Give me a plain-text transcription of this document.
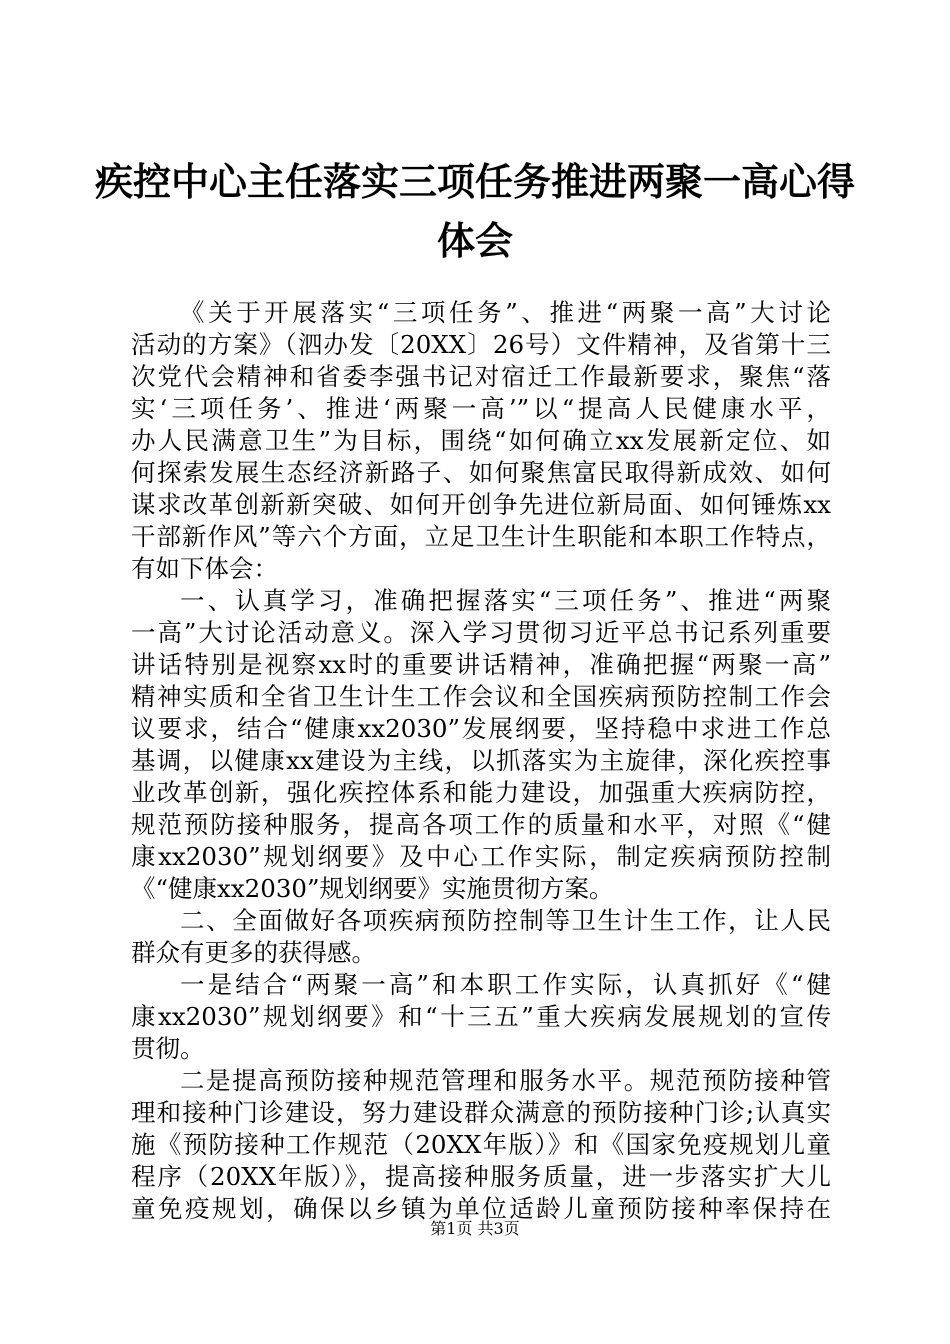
疾控中心主任落实三项任务推进两聚一高心得
体会
《关于开展落实“三项任务”、推进“两聚一高”大讨论
活动的方案》（泗办发〔20XX〕26号）文件精神，及省第十三
次党代会精神和省委李强书记对宿迁工作最新要求，聚焦“落
实‘三项任务’、推进‘两聚一高’”以“提高人民健康水平，
办人民满意卫生”为目标，围绕“如何确立xx发展新定位、如
何探索发展生态经济新路子、如何聚焦富民取得新成效、如何
谋求改革创新新突破、如何开创争先进位新局面、如何锤炼xx
干部新作风”等六个方面，立足卫生计生职能和本职工作特点，
有如下体会：
一、认真学习，准确把握落实“三项任务”、推进“两聚
一高”大讨论活动意义。深入学习贯彻习近平总书记系列重要
讲话特别是视察xx时的重要讲话精神，准确把握“两聚一高”
精神实质和全省卫生计生工作会议和全国疾病预防控制工作会
议要求，结合“健康xx2030”发展纲要，坚持稳中求进工作总
基调，以健康xx建设为主线，以抓落实为主旋律，深化疾控事
业改革创新，强化疾控体系和能力建设，加强重大疾病防控，
规范预防接种服务，提高各项工作的质量和水平，对照《“健
康xx2030”规划纲要》及中心工作实际，制定疾病预防控制
《“健康xx2030”规划纲要》实施贯彻方案。
二、全面做好各项疾病预防控制等卫生计生工作，让人民
群众有更多的获得感。
一是结合“两聚一高”和本职工作实际，认真抓好《“健
康xx2030”规划纲要》和“十三五”重大疾病发展规划的宣传
贯彻。
二是提高预防接种规范管理和服务水平。规范预防接种管
理和接种门诊建设，努力建设群众满意的预防接种门诊;认真实
施《预防接种工作规范（20XX年版）》和《国家免疫规划儿童
程序（20XX年版）》，提高接种服务质量，进一步落实扩大儿
童免疫规划，确保以乡镇为单位适龄儿童预防接种率保持在
第1页 共3页
